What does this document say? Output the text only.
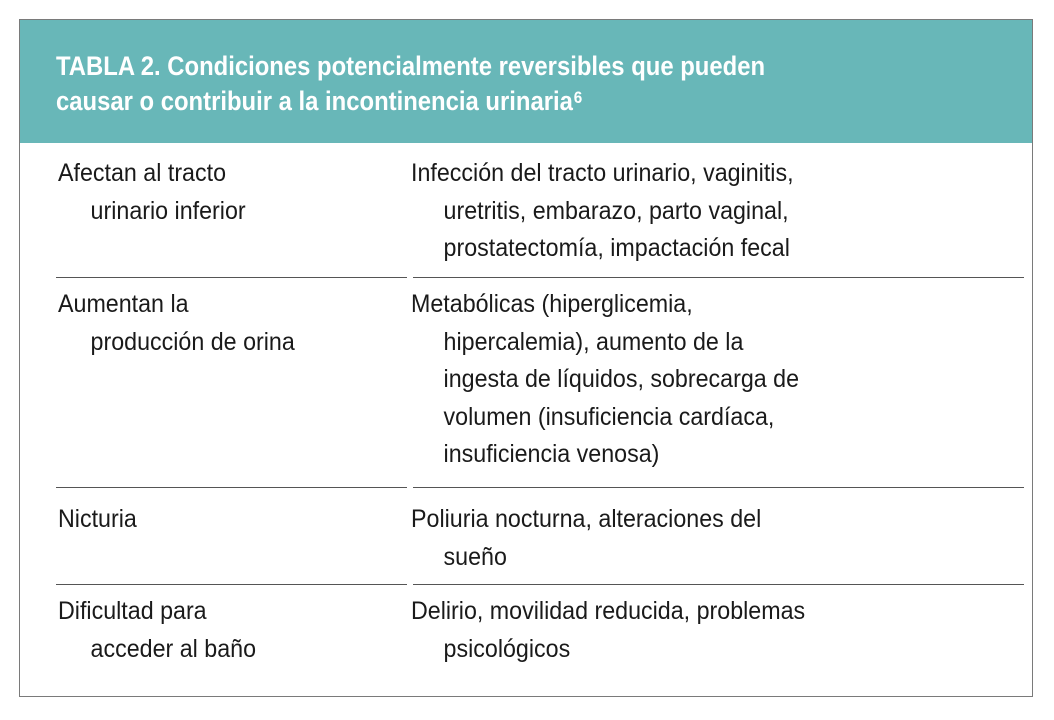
TABLA 2. Condiciones potencialmente reversibles que pueden
causar o contribuir a la incontinencia urinaria$^6$
Afectan al tracto
urinario inferior
Infección del tracto urinario, vaginitis,
uretritis, embarazo, parto vaginal,
prostatectomía, impactación fecal
Aumentan la
producción de orina
Metabólicas (hiperglicemia,
hipercalemia), aumento de la
ingesta de líquidos, sobrecarga de
volumen (insuficiencia cardíaca,
insuficiencia venosa)
Nicturia	Poliuria nocturna, alteraciones del
sueño
Dificultad para
acceder al baño
Delirio, movilidad reducida, problemas
psicológicos
